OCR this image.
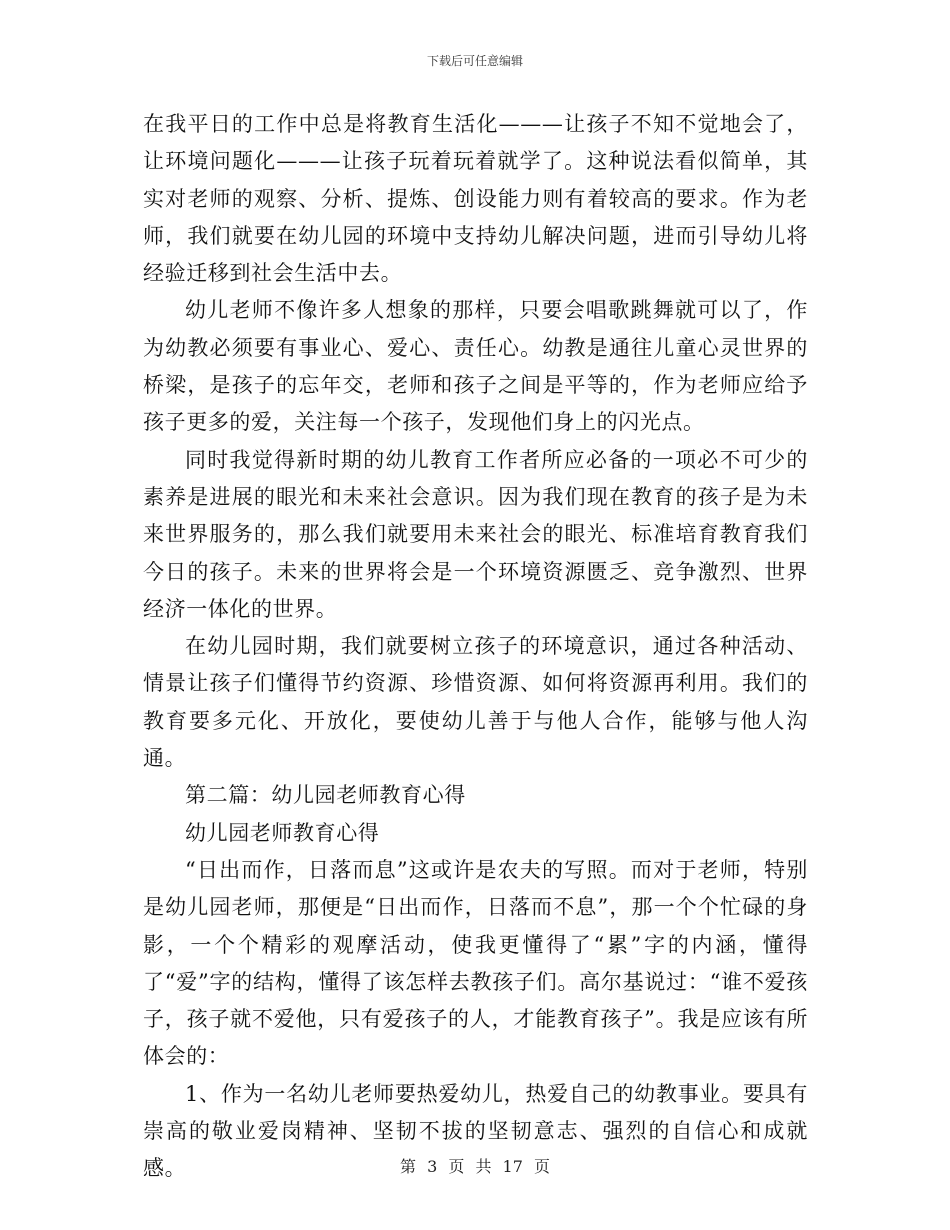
下载后可任意编辑

在我平日的工作中总是将教育生活化———让孩子不知不觉地会了，让环境问题化———让孩子玩着玩着就学了。这种说法看似简单，其实对老师的观察、分析、提炼、创设能力则有着较高的要求。作为老师，我们就要在幼儿园的环境中支持幼儿解决问题，进而引导幼儿将经验迁移到社会生活中去。

幼儿老师不像许多人想象的那样，只要会唱歌跳舞就可以了，作为幼教必须要有事业心、爱心、责任心。幼教是通往儿童心灵世界的桥梁，是孩子的忘年交，老师和孩子之间是平等的，作为老师应给予孩子更多的爱，关注每一个孩子，发现他们身上的闪光点。

同时我觉得新时期的幼儿教育工作者所应必备的一项必不可少的素养是进展的眼光和未来社会意识。因为我们现在教育的孩子是为未来世界服务的，那么我们就要用未来社会的眼光、标准培育教育我们今日的孩子。未来的世界将会是一个环境资源匮乏、竞争激烈、世界经济一体化的世界。

在幼儿园时期，我们就要树立孩子的环境意识，通过各种活动、情景让孩子们懂得节约资源、珍惜资源、如何将资源再利用。我们的教育要多元化、开放化，要使幼儿善于与他人合作，能够与他人沟通。

第二篇：幼儿园老师教育心得

幼儿园老师教育心得

“日出而作，日落而息”这或许是农夫的写照。而对于老师，特别是幼儿园老师，那便是“日出而作，日落而不息”，那一个个忙碌的身影，一个个精彩的观摩活动，使我更懂得了“累”字的内涵，懂得了“爱”字的结构，懂得了该怎样去教孩子们。高尔基说过：“谁不爱孩子，孩子就不爱他，只有爱孩子的人，才能教育孩子”。我是应该有所体会的：

1、作为一名幼儿老师要热爱幼儿，热爱自己的幼教事业。要具有崇高的敬业爱岗精神、坚韧不拔的坚韧意志、强烈的自信心和成就感。	第 3 页 共 17 页
